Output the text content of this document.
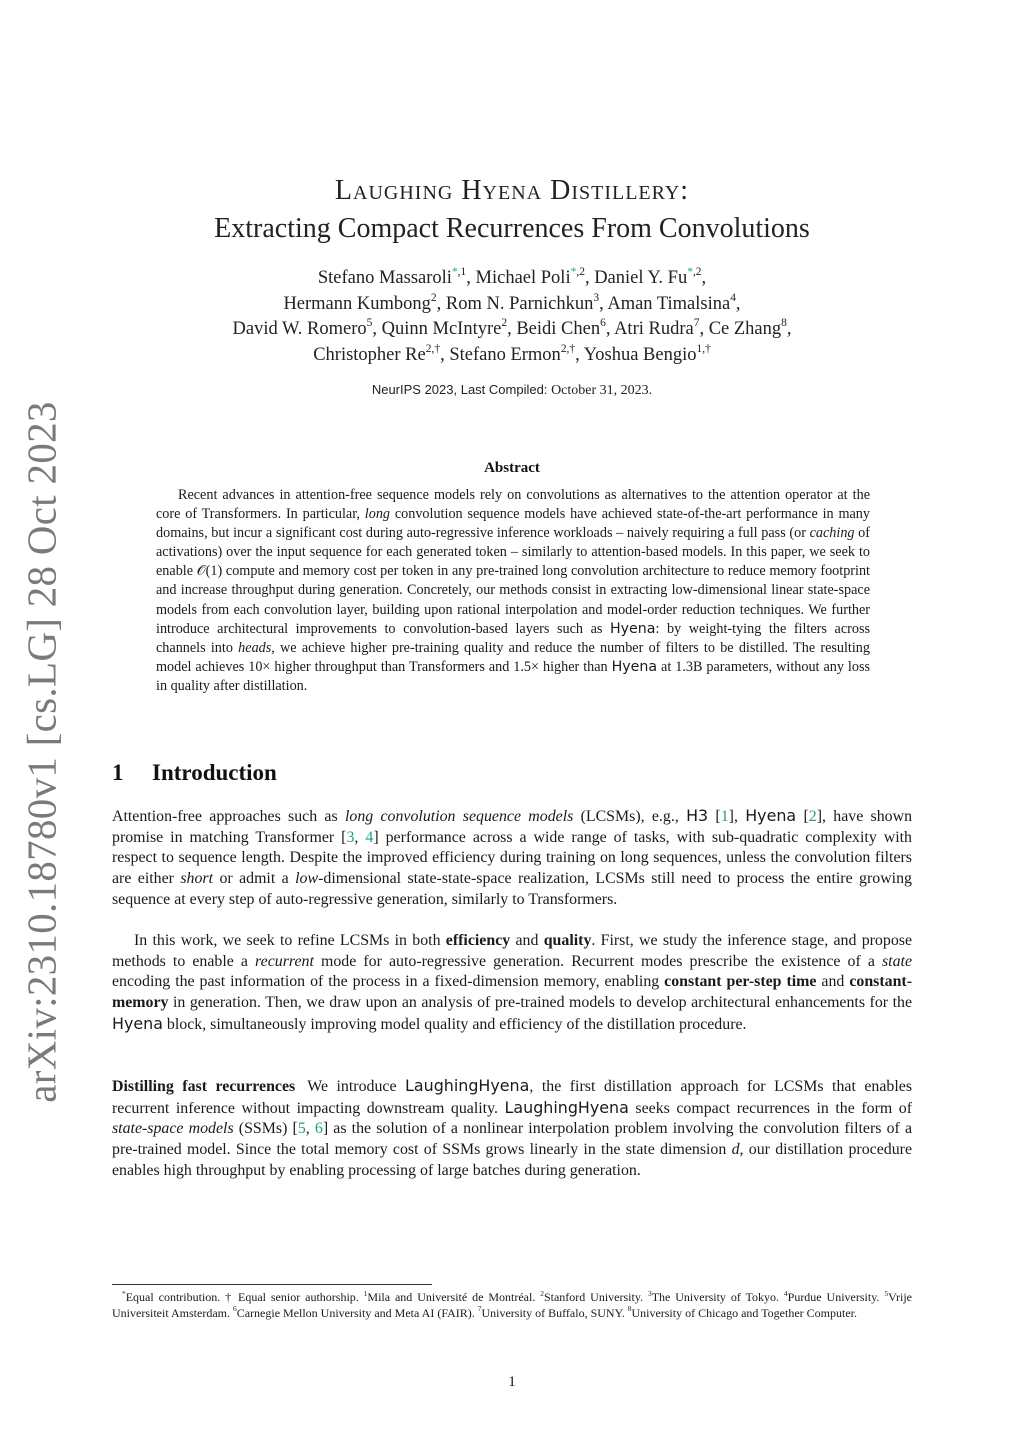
arXiv:2310.18780v1 [cs.LG] 28 Oct 2023
Laughing Hyena Distillery:
Extracting Compact Recurrences From Convolutions
Stefano Massaroli$^{*,1}$, Michael Poli$^{*,2}$, Daniel Y. $Fu^{*,2}$,
Hermann Kumbong$^2$, Rom N. Parnichkun$^3$, Aman Timalsina$^4$,
David W. Romero$^5$, Quinn McIntyre$^2$, Beidi Chen$^6$, Atri Rudra$^7$, Ce Zhang$^8$,
Christopher $Re^{2,\dagger}$, Stefano Ermon$^{2,\dagger}$, Yoshua Bengio$^{1,\dagger}$
NeurIPS 2023, Last Compiled: October 31, 2023.
Abstract
Recent advances in attention-free sequence models rely on convolutions as alternatives to the attention operator at the core of Transformers. In particular, long convolution sequence models have achieved state-of-the-art performance in many domains, but incur a significant cost during auto-regressive inference workloads – naively requiring a full pass (or caching of activations) over the input sequence for each generated token – similarly to attention-based models. In this paper, we seek to enable 𝒪(1) compute and memory cost per token in any pre-trained long convolution architecture to reduce memory footprint and increase throughput during generation. Concretely, our methods consist in extracting low-dimensional linear state-space models from each convolution layer, building upon rational interpolation and model-order reduction techniques. We further introduce architectural improvements to convolution-based layers such as Hyena: by weight-tying the filters across channels into heads, we achieve higher pre-training quality and reduce the number of filters to be distilled. The resulting model achieves 10× higher throughput than Transformers and 1.5× higher than Hyena at 1.3B parameters, without any loss in quality after distillation.
1 Introduction
Attention-free approaches such as long convolution sequence models (LCSMs), e.g., H3 [1], Hyena [2], have shown promise in matching Transformer [3, 4] performance across a wide range of tasks, with sub-quadratic complexity with respect to sequence length. Despite the improved efficiency during training on long sequences, unless the convolution filters are either short or admit a low-dimensional state-state-space realization, LCSMs still need to process the entire growing sequence at every step of auto-regressive generation, similarly to Transformers.
In this work, we seek to refine LCSMs in both efficiency and quality. First, we study the inference stage, and propose methods to enable a recurrent mode for auto-regressive generation. Recurrent modes prescribe the existence of a state encoding the past information of the process in a fixed-dimension memory, enabling constant per-step time and constant-memory in generation. Then, we draw upon an analysis of pre-trained models to develop architectural enhancements for the Hyena block, simultaneously improving model quality and efficiency of the distillation procedure.
Distilling fast recurrences We introduce LaughingHyena, the first distillation approach for LCSMs that enables recurrent inference without impacting downstream quality. LaughingHyena seeks compact recurrences in the form of state-space models (SSMs) [5, 6] as the solution of a nonlinear interpolation problem involving the convolution filters of a pre-trained model. Since the total memory cost of SSMs grows linearly in the state dimension d, our distillation procedure enables high throughput by enabling processing of large batches during generation.
*Equal contribution. † Equal senior authorship. $^1$Mila and Université de Montréal. $^2$Stanford University. $^3$The University of Tokyo. $^4$Purdue University. $^5$Vrije Universiteit Amsterdam. $^6$Carnegie Mellon University and Meta AI (FAIR). $^7$University of Buffalo, SUNY. $^8$University of Chicago and Together Computer.
1
